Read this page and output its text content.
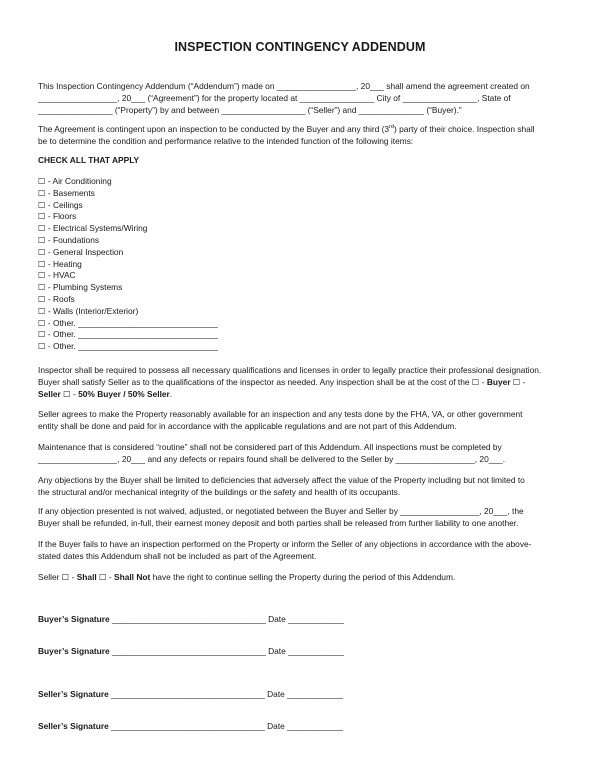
INSPECTION CONTINGENCY ADDENDUM
This Inspection Contingency Addendum (“Addendum”) made on _________________, 20___ shall amend the agreement created on
_________________, 20___ (“Agreement”) for the property located at ________________ City of ________________, State of
________________ (“Property”) by and between __________________ (“Seller”) and ______________ (“Buyer).”
The Agreement is contingent upon an inspection to be conducted by the Buyer and any third (3rd) party of their choice. Inspection shall
be to determine the condition and performance relative to the intended function of the following items:
CHECK ALL THAT APPLY
☐ - Air Conditioning
☐ - Basements
☐ - Ceilings
☐ - Floors
☐ - Electrical Systems/Wiring
☐ - Foundations
☐ - General Inspection
☐ - Heating
☐ - HVAC
☐ - Plumbing Systems
☐ - Roofs
☐ - Walls (Interior/Exterior)
☐ - Other. ______________________________
☐ - Other. ______________________________
☐ - Other. ______________________________
Inspector shall be required to possess all necessary qualifications and licenses in order to legally practice their professional designation.
Buyer shall satisfy Seller as to the qualifications of the inspector as needed. Any inspection shall be at the cost of the ☐ - Buyer ☐ -
Seller ☐ - 50% Buyer / 50% Seller.
Seller agrees to make the Property reasonably available for an inspection and any tests done by the FHA, VA, or other government
entity shall be done and paid for in accordance with the applicable regulations and are not part of this Addendum.
Maintenance that is considered “routine” shall not be considered part of this Addendum. All inspections must be completed by
_________________, 20___ and any defects or repairs found shall be delivered to the Seller by _________________, 20___.
Any objections by the Buyer shall be limited to deficiencies that adversely affect the value of the Property including but not limited to
the structural and/or mechanical integrity of the buildings or the safety and health of its occupants.
If any objection presented is not waived, adjusted, or negotiated between the Buyer and Seller by _________________, 20___, the
Buyer shall be refunded, in-full, their earnest money deposit and both parties shall be released from further liability to one another.
If the Buyer fails to have an inspection performed on the Property or inform the Seller of any objections in accordance with the above-
stated dates this Addendum shall not be included as part of the Agreement.
Seller ☐ - Shall ☐ - Shall Not have the right to continue selling the Property during the period of this Addendum.
Buyer’s Signature _________________________________ Date ____________
Buyer’s Signature _________________________________ Date ____________
Seller’s Signature _________________________________ Date ____________
Seller’s Signature _________________________________ Date ____________
